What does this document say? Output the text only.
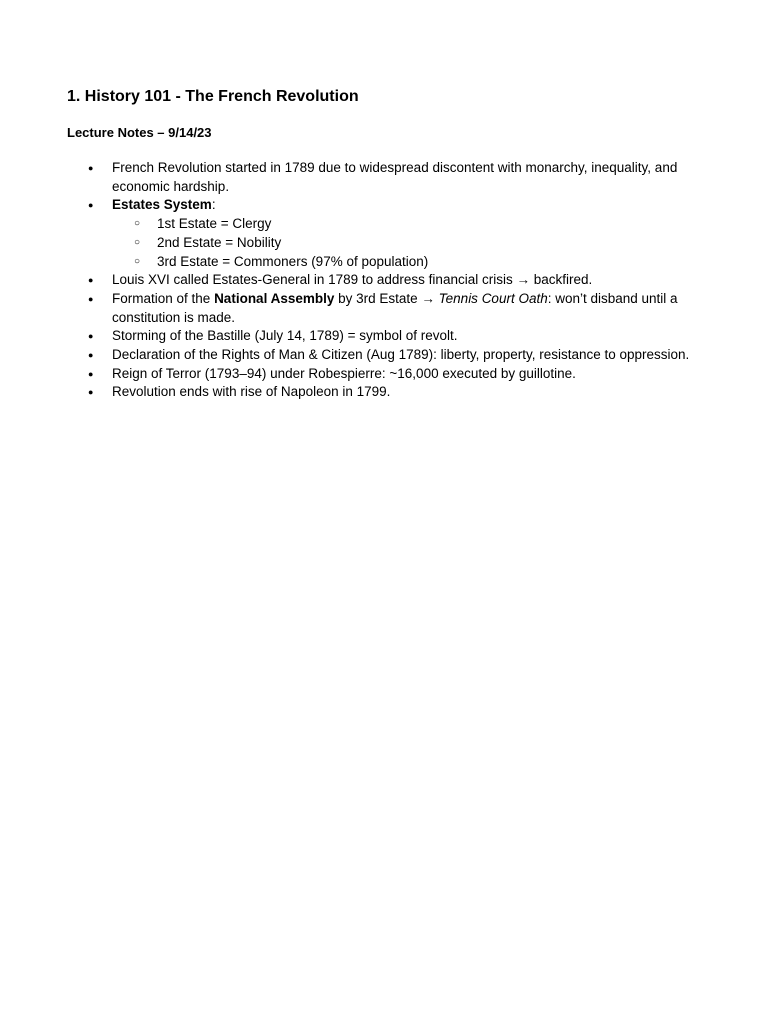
1. History 101 - The French Revolution
Lecture Notes – 9/14/23
● French Revolution started in 1789 due to widespread discontent with monarchy, inequality, and economic hardship.
● Estates System:
○ 1st Estate = Clergy
○ 2nd Estate = Nobility
○ 3rd Estate = Commoners (97% of population)
● Louis XVI called Estates-General in 1789 to address financial crisis → backfired.
● Formation of the National Assembly by 3rd Estate → Tennis Court Oath: won’t disband until a constitution is made.
● Storming of the Bastille (July 14, 1789) = symbol of revolt.
● Declaration of the Rights of Man & Citizen (Aug 1789): liberty, property, resistance to oppression.
● Reign of Terror (1793–94) under Robespierre: ~16,000 executed by guillotine.
● Revolution ends with rise of Napoleon in 1799.
